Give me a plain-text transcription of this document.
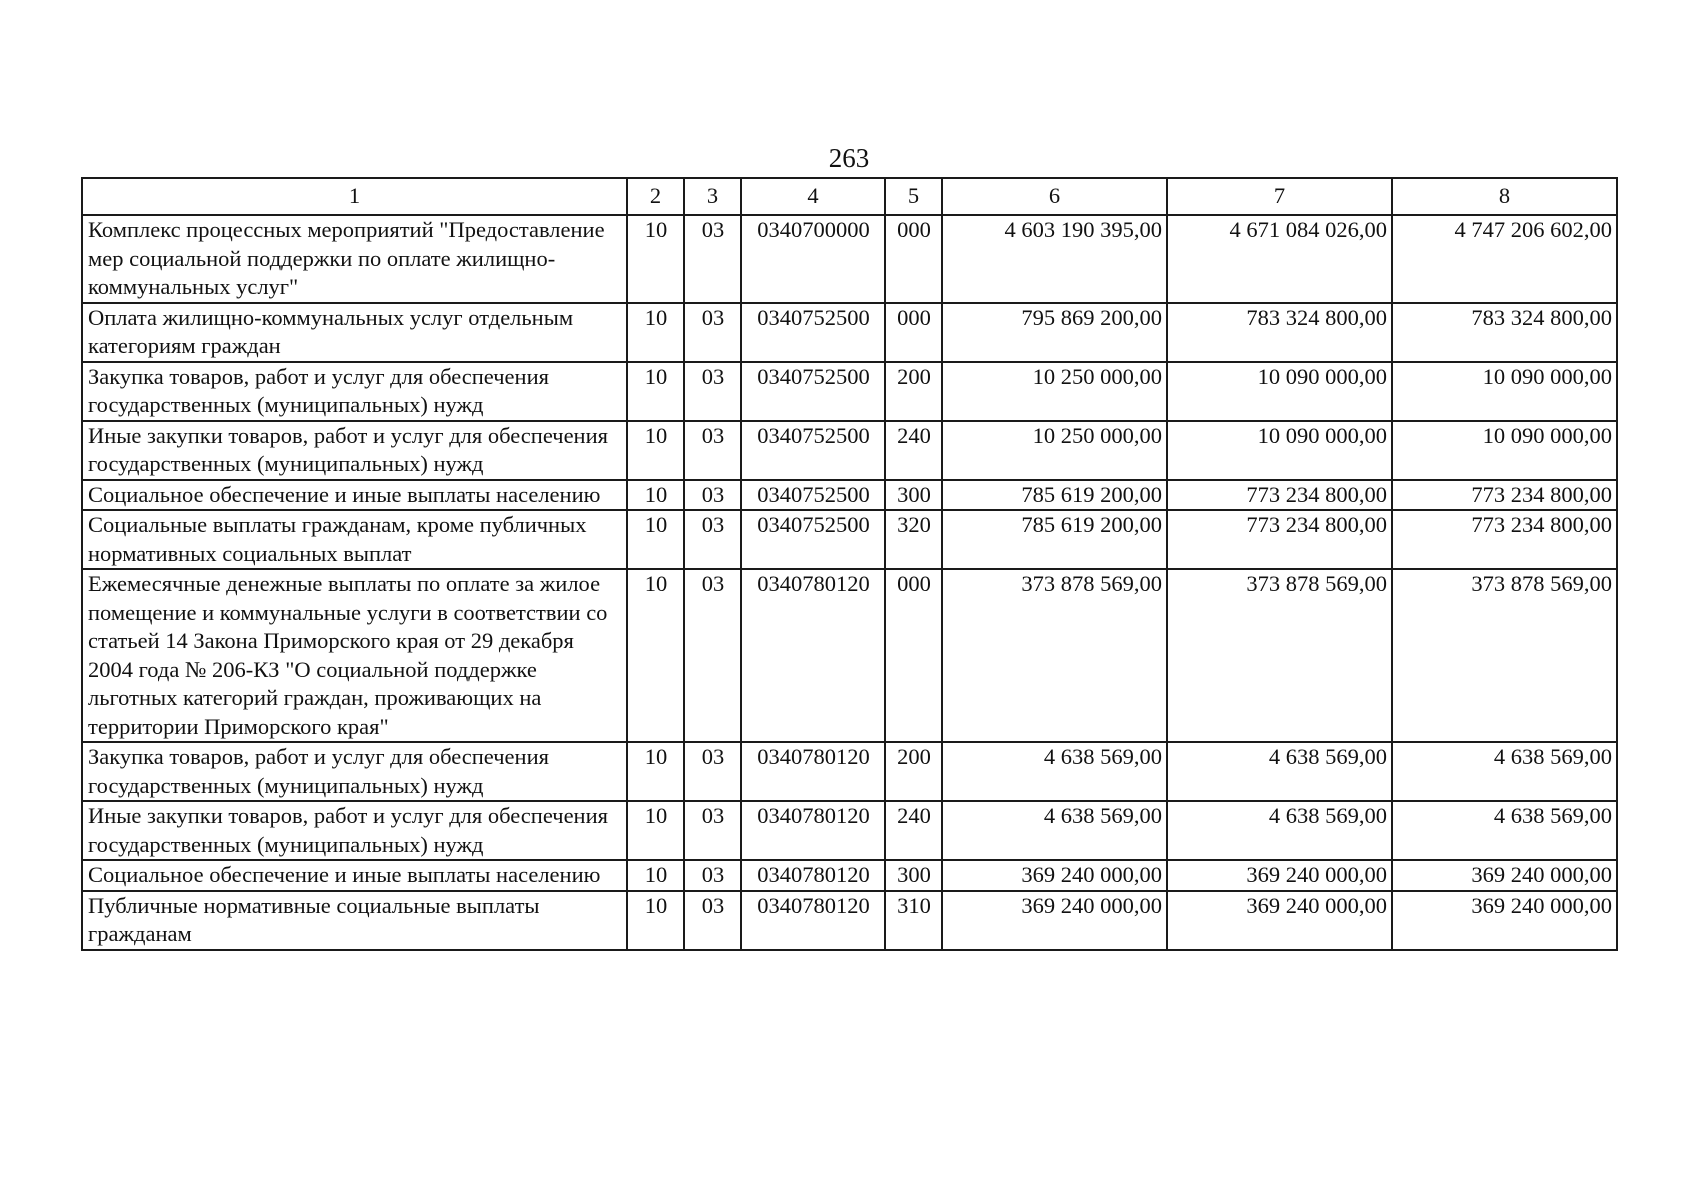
263
1	2	3	4	5	6	7	8
Комплекс процессных мероприятий "Предоставление мер социальной поддержки по оплате жилищно-коммунальных услуг"	10	03	0340700000	000	4 603 190 395,00	4 671 084 026,00	4 747 206 602,00
Оплата жилищно-коммунальных услуг отдельным категориям граждан	10	03	0340752500	000	795 869 200,00	783 324 800,00	783 324 800,00
Закупка товаров, работ и услуг для обеспечения государственных (муниципальных) нужд	10	03	0340752500	200	10 250 000,00	10 090 000,00	10 090 000,00
Иные закупки товаров, работ и услуг для обеспечения государственных (муниципальных) нужд	10	03	0340752500	240	10 250 000,00	10 090 000,00	10 090 000,00
Социальное обеспечение и иные выплаты населению	10	03	0340752500	300	785 619 200,00	773 234 800,00	773 234 800,00
Социальные выплаты гражданам, кроме публичных нормативных социальных выплат	10	03	0340752500	320	785 619 200,00	773 234 800,00	773 234 800,00
Ежемесячные денежные выплаты по оплате за жилое помещение и коммунальные услуги в соответствии со статьей 14 Закона Приморского края от 29 декабря 2004 года № 206-КЗ "О социальной поддержке льготных категорий граждан, проживающих на территории Приморского края"	10	03	0340780120	000	373 878 569,00	373 878 569,00	373 878 569,00
Закупка товаров, работ и услуг для обеспечения государственных (муниципальных) нужд	10	03	0340780120	200	4 638 569,00	4 638 569,00	4 638 569,00
Иные закупки товаров, работ и услуг для обеспечения государственных (муниципальных) нужд	10	03	0340780120	240	4 638 569,00	4 638 569,00	4 638 569,00
Социальное обеспечение и иные выплаты населению	10	03	0340780120	300	369 240 000,00	369 240 000,00	369 240 000,00
Публичные нормативные социальные выплаты гражданам	10	03	0340780120	310	369 240 000,00	369 240 000,00	369 240 000,00
